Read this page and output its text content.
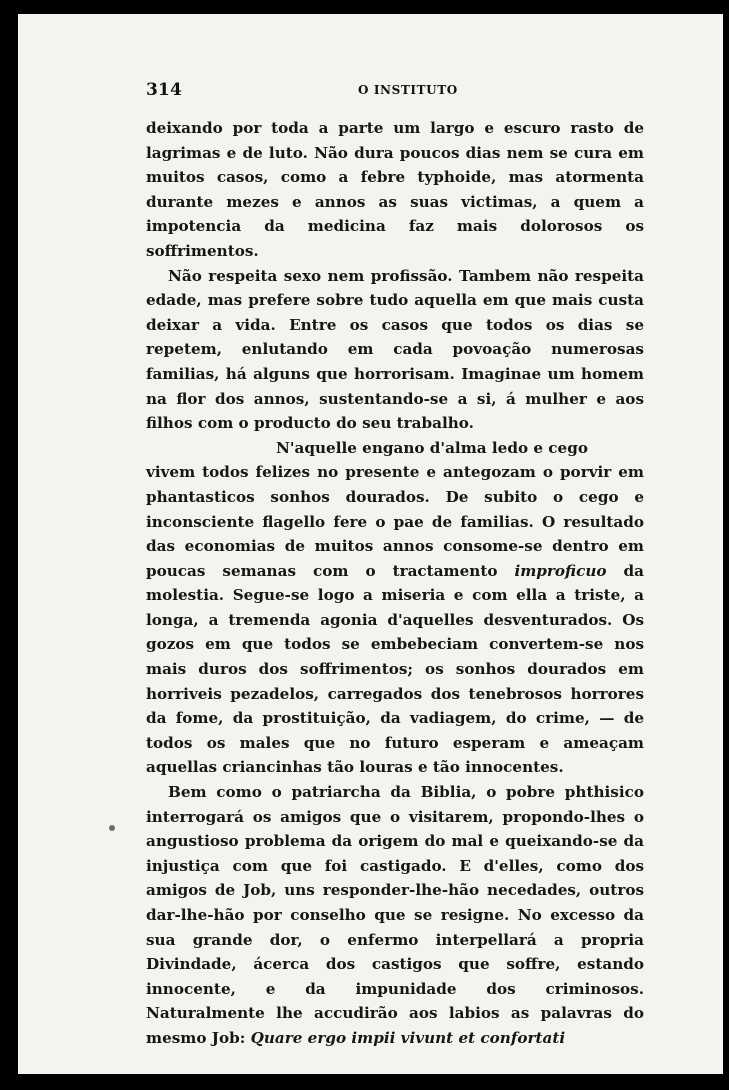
314	O INSTITUTO

deixando por toda a parte um largo e escuro rasto de lagrimas e de luto. Não dura poucos dias nem se cura em muitos casos, como a febre typhoide, mas atormenta durante mezes e annos as suas victimas, a quem a impotencia da medicina faz mais dolorosos os soffrimentos.

Não respeita sexo nem profissão. Tambem não respeita edade, mas prefere sobre tudo aquella em que mais custa deixar a vida. Entre os casos que todos os dias se repetem, enlutando em cada povoação numerosas familias, há alguns que horrorisam. Imaginae um homem na flor dos annos, sustentando-se a si, á mulher e aos filhos com o producto do seu trabalho.

N'aquelle engano d'alma ledo e cego

vivem todos felizes no presente e antegozam o porvir em phantasticos sonhos dourados. De subito o cego e inconsciente flagello fere o pae de familias. O resultado das economias de muitos annos consome-se dentro em poucas semanas com o tractamento improficuo da molestia. Segue-se logo a miseria e com ella a triste, a longa, a tremenda agonia d'aquelles desventurados. Os gozos em que todos se embebeciam convertem-se nos mais duros dos soffrimentos; os sonhos dourados em horriveis pezadelos, carregados dos tenebrosos horrores da fome, da prostituição, da vadiagem, do crime, — de todos os males que no futuro esperam e ameaçam aquellas criancinhas tão louras e tão innocentes.

Bem como o patriarcha da Biblia, o pobre phthisico interrogará os amigos que o visitarem, propondo-lhes o angustioso problema da origem do mal e queixando-se da injustiça com que foi castigado. E d'elles, como dos amigos de Job, uns responder-lhe-hão necedades, outros dar-lhe-hão por conselho que se resigne. No excesso da sua grande dor, o enfermo interpellará a propria Divindade, ácerca dos castigos que soffre, estando innocente, e da impunidade dos criminosos. Naturalmente lhe accudirão aos labios as palavras do mesmo Job: Quare ergo impii vivunt et confortati
